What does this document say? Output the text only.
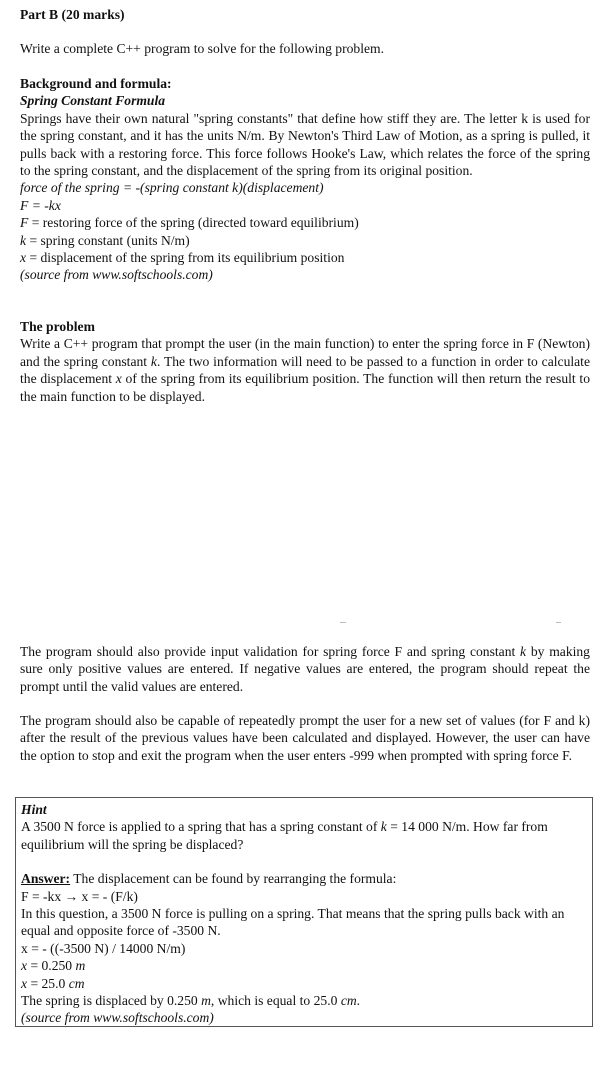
Part B (20 marks)

Write a complete C++ program to solve for the following problem.

Background and formula:

Spring Constant Formula

Springs have their own natural "spring constants" that define how stiff they are. The letter k is used for the spring constant, and it has the units N/m. By Newton's Third Law of Motion, as a spring is pulled, it pulls back with a restoring force. This force follows Hooke's Law, which relates the force of the spring to the spring constant, and the displacement of the spring from its original position.

force of the spring = -(spring constant k)(displacement)

F = -kx

F = restoring force of the spring (directed toward equilibrium)

k = spring constant (units N/m)

x = displacement of the spring from its equilibrium position

(source from www.softschools.com)

The problem

Write a C++ program that prompt the user (in the main function) to enter the spring force in F (Newton) and the spring constant k. The two information will need to be passed to a function in order to calculate the displacement x of the spring from its equilibrium position. The function will then return the result to the main function to be displayed.

The program should also provide input validation for spring force F and spring constant k by making sure only positive values are entered. If negative values are entered, the program should repeat the prompt until the valid values are entered.

The program should also be capable of repeatedly prompt the user for a new set of values (for F and k) after the result of the previous values have been calculated and displayed. However, the user can have the option to stop and exit the program when the user enters -999 when prompted with spring force F.

Hint

A 3500 N force is applied to a spring that has a spring constant of k = 14 000 N/m. How far from equilibrium will the spring be displaced?

Answer: The displacement can be found by rearranging the formula:

F = -kx → x = - (F/k)

In this question, a 3500 N force is pulling on a spring. That means that the spring pulls back with an equal and opposite force of -3500 N.

x = - ((-3500 N) / 14000 N/m)

x = 0.250 m

x = 25.0 cm

The spring is displaced by 0.250 m, which is equal to 25.0 cm.

(source from www.softschools.com)
